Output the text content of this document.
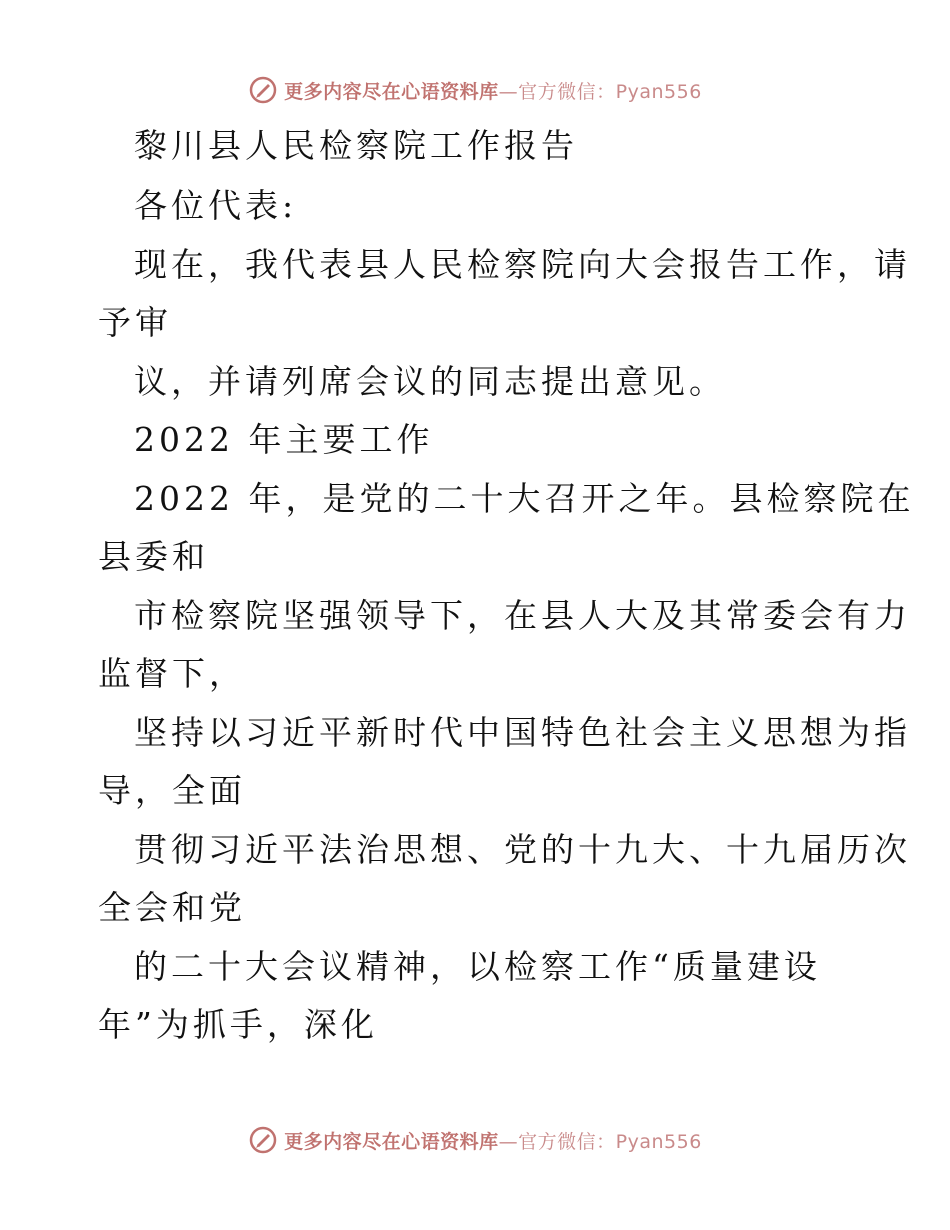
更多内容尽在心语资料库—官方微信：Pyan556
黎川县人民检察院工作报告
各位代表:
现在，我代表县人民检察院向大会报告工作，请
予审
议，并请列席会议的同志提出意见。
2022 年主要工作
2022 年，是党的二十大召开之年。县检察院在
县委和
市检察院坚强领导下，在县人大及其常委会有力
监督下，
坚持以习近平新时代中国特色社会主义思想为指
导，全面
贯彻习近平法治思想、党的十九大、十九届历次
全会和党
的二十大会议精神，以检察工作“质量建设
年”为抓手，深化
更多内容尽在心语资料库—官方微信：Pyan556
